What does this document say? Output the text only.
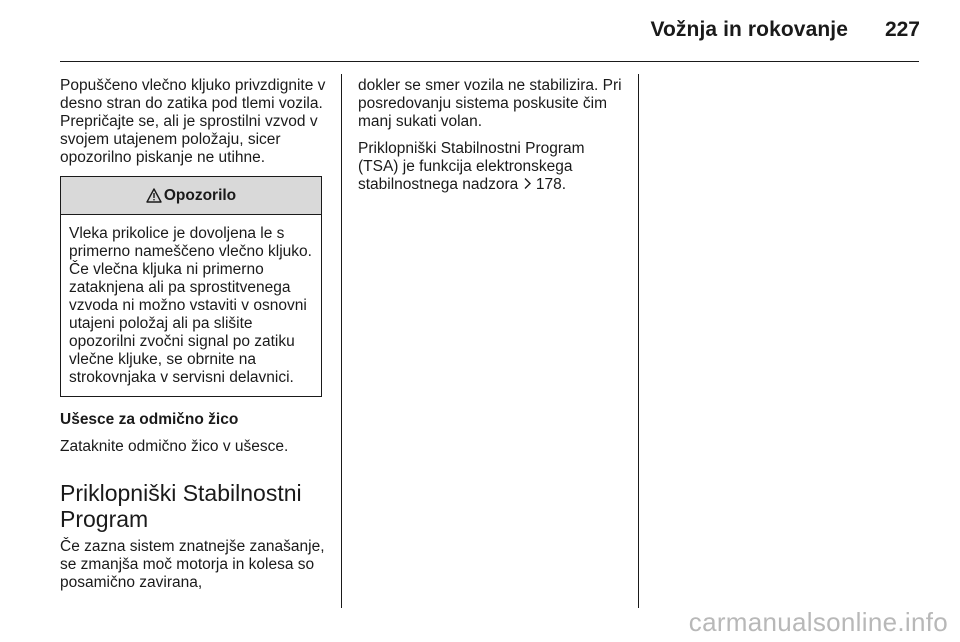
Vožnja in rokovanje 227

Popuščeno vlečno kljuko privzdignite v desno stran do zatika pod tlemi vozila. Prepričajte se, ali je sprostilni vzvod v svojem utajenem položaju, sicer opozorilno piskanje ne utihne.

Opozorilo
Vleka prikolice je dovoljena le s primerno nameščeno vlečno kljuko. Če vlečna kljuka ni primerno zataknjena ali pa sprostitvenega vzvoda ni možno vstaviti v osnovni utajeni položaj ali pa slišite opozorilni zvočni signal po zatiku vlečne kljuke, se obrnite na strokovnjaka v servisni delavnici.

Ušesce za odmično žico

Zataknite odmično žico v ušesce.

Priklopniški Stabilnostni Program

Če zazna sistem znatnejše zanašanje, se zmanjša moč motorja in kolesa so posamično zavirana,

dokler se smer vozila ne stabilizira. Pri posredovanju sistema poskusite čim manj sukati volan.

Priklopniški Stabilnostni Program (TSA) je funkcija elektronskega stabilnostnega nadzora 178.

carmanualsonline.info
